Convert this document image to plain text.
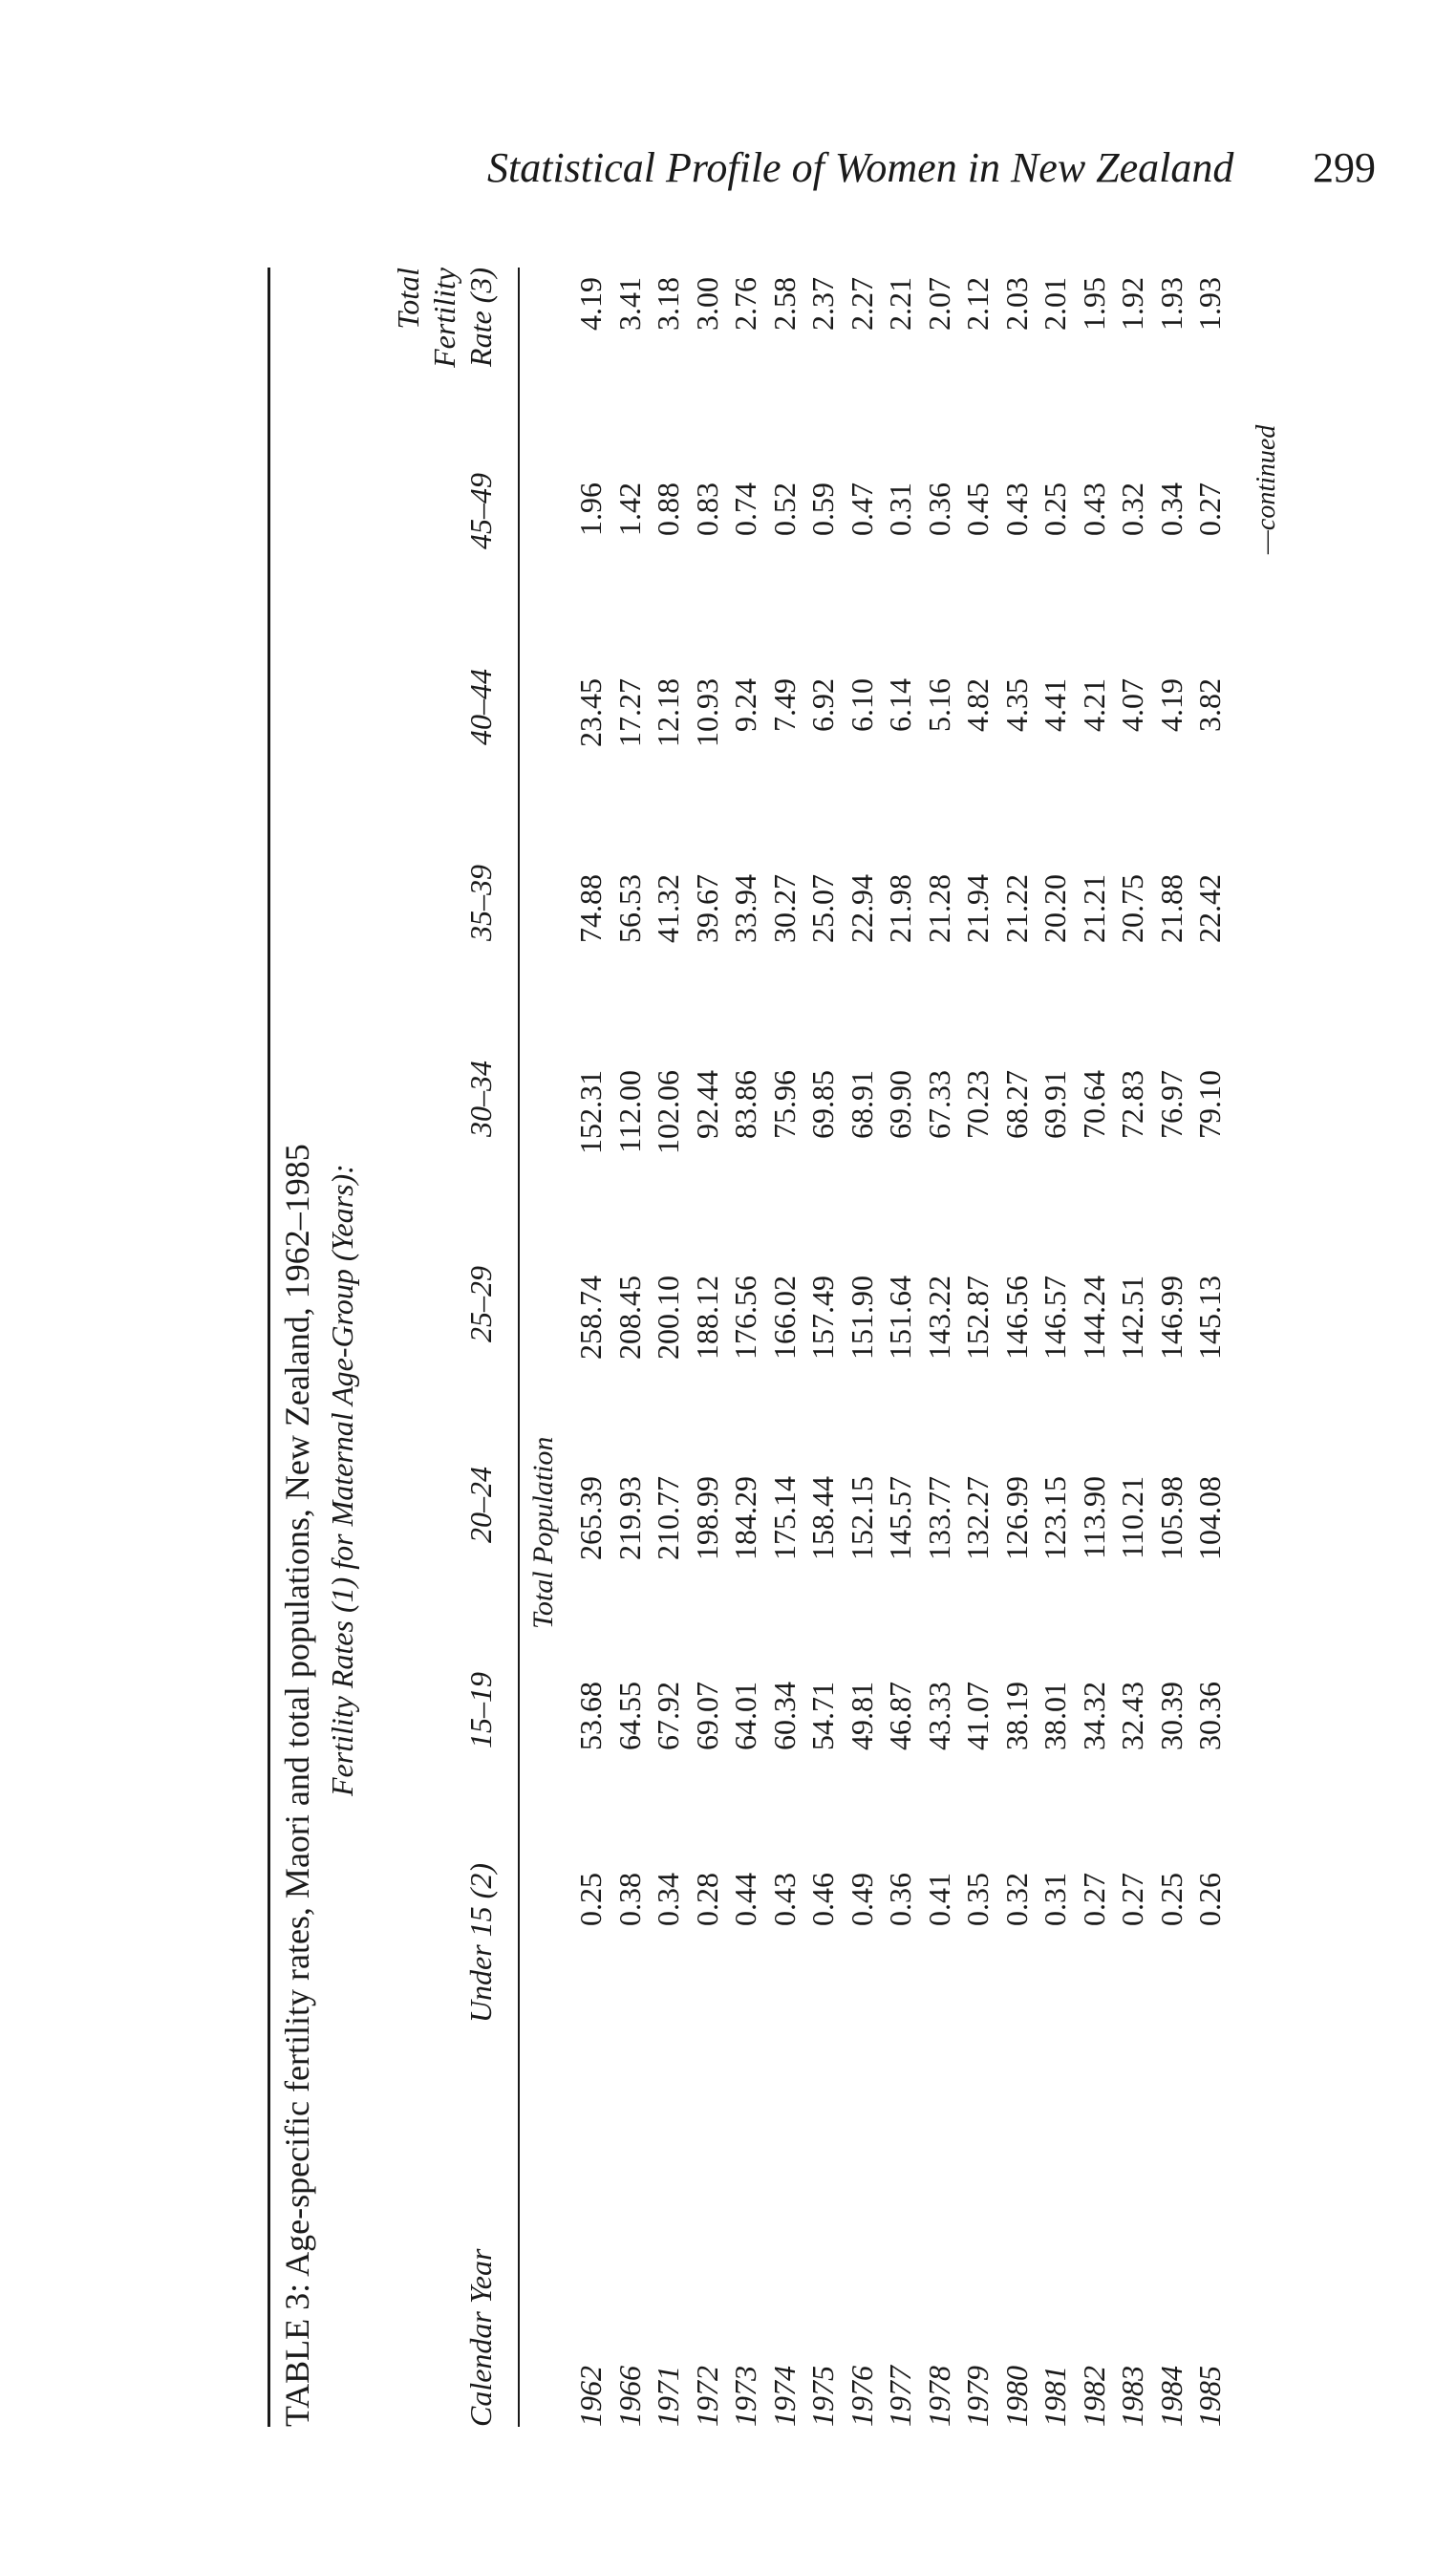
Statistical Profile of Women in New Zealand 299
TABLE 3: Age-specific fertility rates, Maori and total populations, New Zealand, 1962–1985 Fertility Rates (1) for Maternal Age-Group (Years):
Calendar Year
Under 15 (2)
15–19
20–24
25–29
30–34
35–39
40–44
45–49
Total Fertility Rate (3)
Total Population
1962
0.25
53.68
265.39
258.74
152.31
74.88
23.45
1.96
4.19
1966
0.38
64.55
219.93
208.45
112.00
56.53
17.27
1.42
3.41
1971
0.34
67.92
210.77
200.10
102.06
41.32
12.18
0.88
3.18
1972
0.28
69.07
198.99
188.12
92.44
39.67
10.93
0.83
3.00
1973
0.44
64.01
184.29
176.56
83.86
33.94
9.24
0.74
2.76
1974
0.43
60.34
175.14
166.02
75.96
30.27
7.49
0.52
2.58
1975
0.46
54.71
158.44
157.49
69.85
25.07
6.92
0.59
2.37
1976
0.49
49.81
152.15
151.90
68.91
22.94
6.10
0.47
2.27
1977
0.36
46.87
145.57
151.64
69.90
21.98
6.14
0.31
2.21
1978
0.41
43.33
133.77
143.22
67.33
21.28
5.16
0.36
2.07
1979
0.35
41.07
132.27
152.87
70.23
21.94
4.82
0.45
2.12
1980
0.32
38.19
126.99
146.56
68.27
21.22
4.35
0.43
2.03
1981
0.31
38.01
123.15
146.57
69.91
20.20
4.41
0.25
2.01
1982
0.27
34.32
113.90
144.24
70.64
21.21
4.21
0.43
1.95
1983
0.27
32.43
110.21
142.51
72.83
20.75
4.07
0.32
1.92
1984
0.25
30.39
105.98
146.99
76.97
21.88
4.19
0.34
1.93
1985
0.26
30.36
104.08
145.13
79.10
22.42
3.82
0.27
1.93
—continued
